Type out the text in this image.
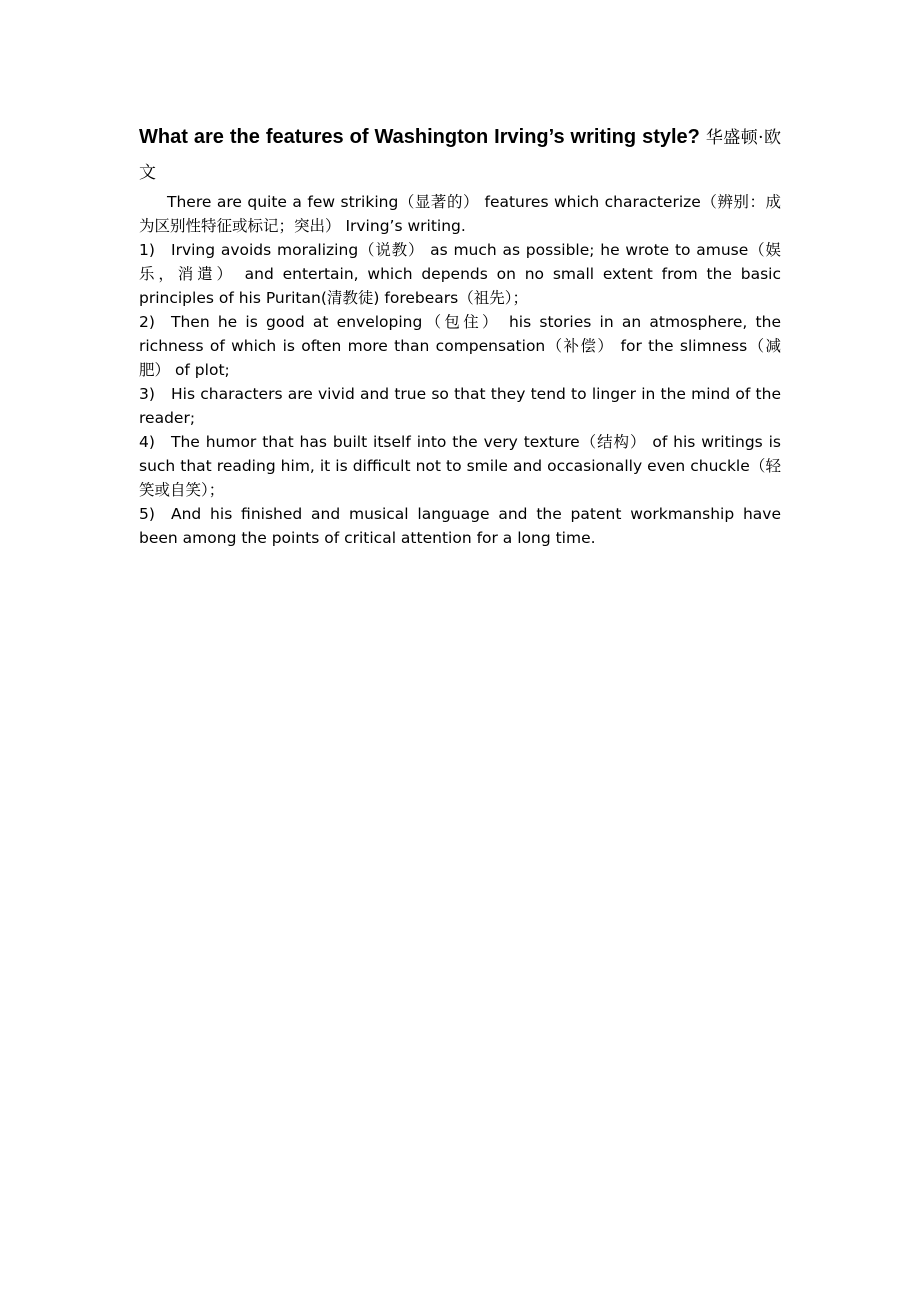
What are the features of Washington Irving’s writing style? 华盛顿·欧文

There are quite a few striking（显著的） features which characterize（辨别：成为区别性特征或标记；突出） Irving’s writing.

1) Irving avoids moralizing（说教） as much as possible; he wrote to amuse（娱乐，消遣） and entertain, which depends on no small extent from the basic principles of his Puritan(清教徒) forebears（祖先）；

2) Then he is good at enveloping（包住） his stories in an atmosphere, the richness of which is often more than compensation（补偿） for the slimness（减肥） of plot;

3) His characters are vivid and true so that they tend to linger in the mind of the reader;

4) The humor that has built itself into the very texture（结构） of his writings is such that reading him, it is difficult not to smile and occasionally even chuckle（轻笑或自笑）；

5) And his finished and musical language and the patent workmanship have been among the points of critical attention for a long time.
